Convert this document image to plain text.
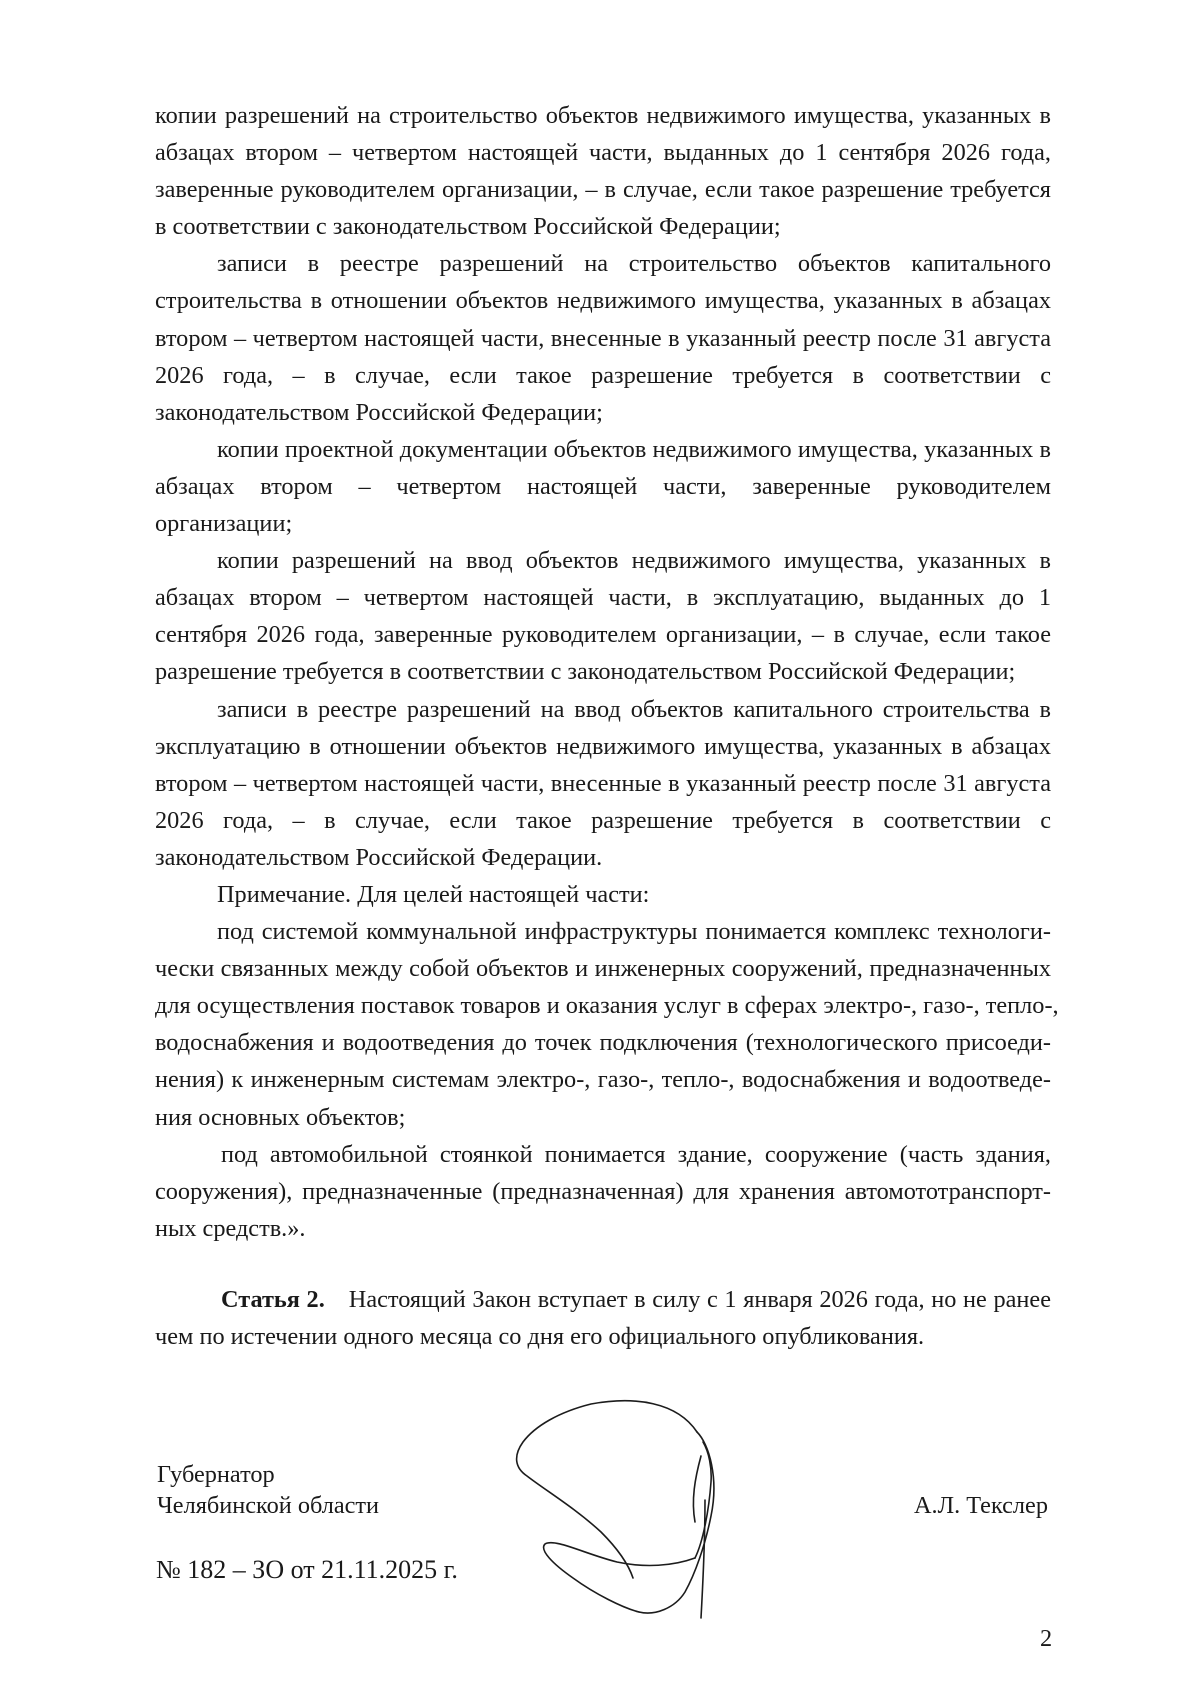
копии разрешений на строительство объектов недвижимого имущества, указанных в абзацах втором – четвертом настоящей части, выданных до 1 сентября 2026 года, заверенные руководителем организации, – в случае, если такое разрешение требуется в соответствии с законодательством Российской Федерации;

записи в реестре разрешений на строительство объектов капитального строительства в отношении объектов недвижимого имущества, указанных в абзацах втором – четвертом настоящей части, внесенные в указанный реестр после 31 августа 2026 года, – в случае, если такое разрешение требуется в соответствии с законодательством Российской Федерации;

копии проектной документации объектов недвижимого имущества, указанных в абзацах втором – четвертом настоящей части, заверенные руководителем организации;

копии разрешений на ввод объектов недвижимого имущества, указанных в абзацах втором – четвертом настоящей части, в эксплуатацию, выданных до 1 сентября 2026 года, заверенные руководителем организации, – в случае, если такое разрешение требуется в соответствии с законодательством Российской Федерации;

записи в реестре разрешений на ввод объектов капитального строительства в эксплуатацию в отношении объектов недвижимого имущества, указанных в абзацах втором – четвертом настоящей части, внесенные в указанный реестр после 31 августа 2026 года, – в случае, если такое разрешение требуется в соответствии с законодательством Российской Федерации.

Примечание. Для целей настоящей части:

под системой коммунальной инфраструктуры понимается комплекс технологи-
чески связанных между собой объектов и инженерных сооружений, предназначенных
для осуществления поставок товаров и оказания услуг в сферах электро-, газо-, тепло-,
водоснабжения и водоотведения до точек подключения (технологического присоеди-
нения) к инженерным системам электро-, газо-, тепло-, водоснабжения и водоотведе-
ния основных объектов;
под автомобильной стоянкой понимается здание, сооружение (часть здания,
сооружения), предназначенные (предназначенная) для хранения автомототранспорт-
ных средств.».
Статья 2. Настоящий Закон вступает в силу с 1 января 2026 года, но не ранее
чем по истечении одного месяца со дня его официального опубликования.
Губернатор
Челябинской области	А.Л. Текслер
№ 182 – ЗО от 21.11.2025 г.
2
